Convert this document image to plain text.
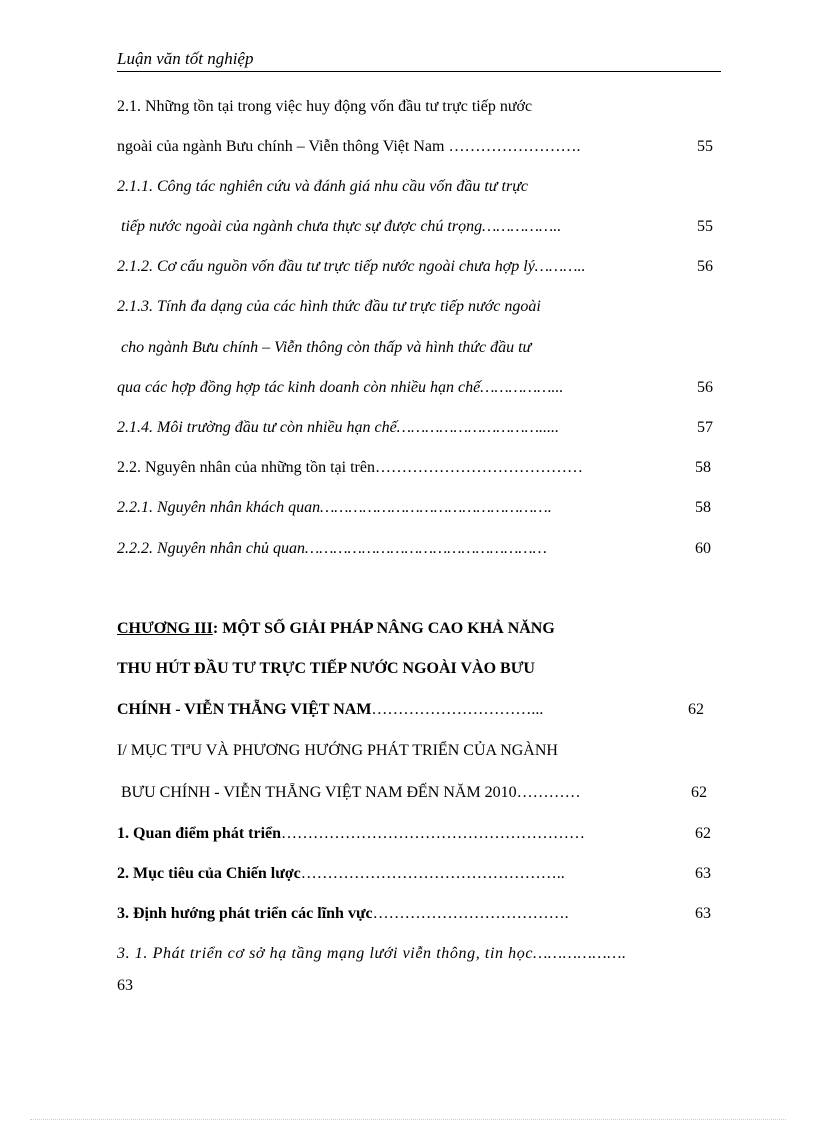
Luận văn tốt nghiệp
2.1. Những tồn tại trong việc huy động vốn đầu tư trực tiếp nước
ngoài của ngành Bưu chính – Viễn thông Việt Nam …………………….	55
2.1.1. Công tác nghiên cứu và đánh giá nhu cầu vốn đầu tư trực
tiếp nước ngoài của ngành chưa thực sự được chú trọng……………..	55
2.1.2. Cơ cấu nguồn vốn đầu tư trực tiếp nước ngoài chưa hợp lý………..	56
2.1.3. Tính đa dạng của các hình thức đầu tư trực tiếp nước ngoài
cho ngành Bưu chính – Viễn thông còn thấp và hình thức đầu tư
qua các hợp đồng hợp tác kinh doanh còn nhiều hạn chế……………...	56
2.1.4. Môi trường đầu tư còn nhiều hạn chế………………………….....	57
2.2. Nguyên nhân của những tồn tại trên…………………………………	58
2.2.1. Nguyên nhân khách quan………………………………………….	58
2.2.2. Nguyên nhân chủ quan……………………………………………	60
CHƯƠNG III: MỘT SỐ GIẢI PHÁP NÂNG CAO KHẢ NĂNG
THU HÚT ĐẦU TƯ TRỰC TIẾP NƯỚC NGOÀI VÀO BƯU
CHÍNH - VIỄN THẴNG VIỆT NAM…………………………...	62
I/ MỤC TIªU VÀ PHƯƠNG HƯỚNG PHÁT TRIỂN CỦA NGÀNH
BƯU CHÍNH - VIỄN THẴNG VIỆT NAM ĐẾN NĂM 2010…………	62
1. Quan điểm phát triển…………………………………………………	62
2. Mục tiêu của Chiến lược…………………………………………..	63
3. Định hướng phát triển các lĩnh vực……………………………….	63
3. 1. Phát triển cơ sở hạ tầng mạng lưới viễn thông, tin học……………….
63
